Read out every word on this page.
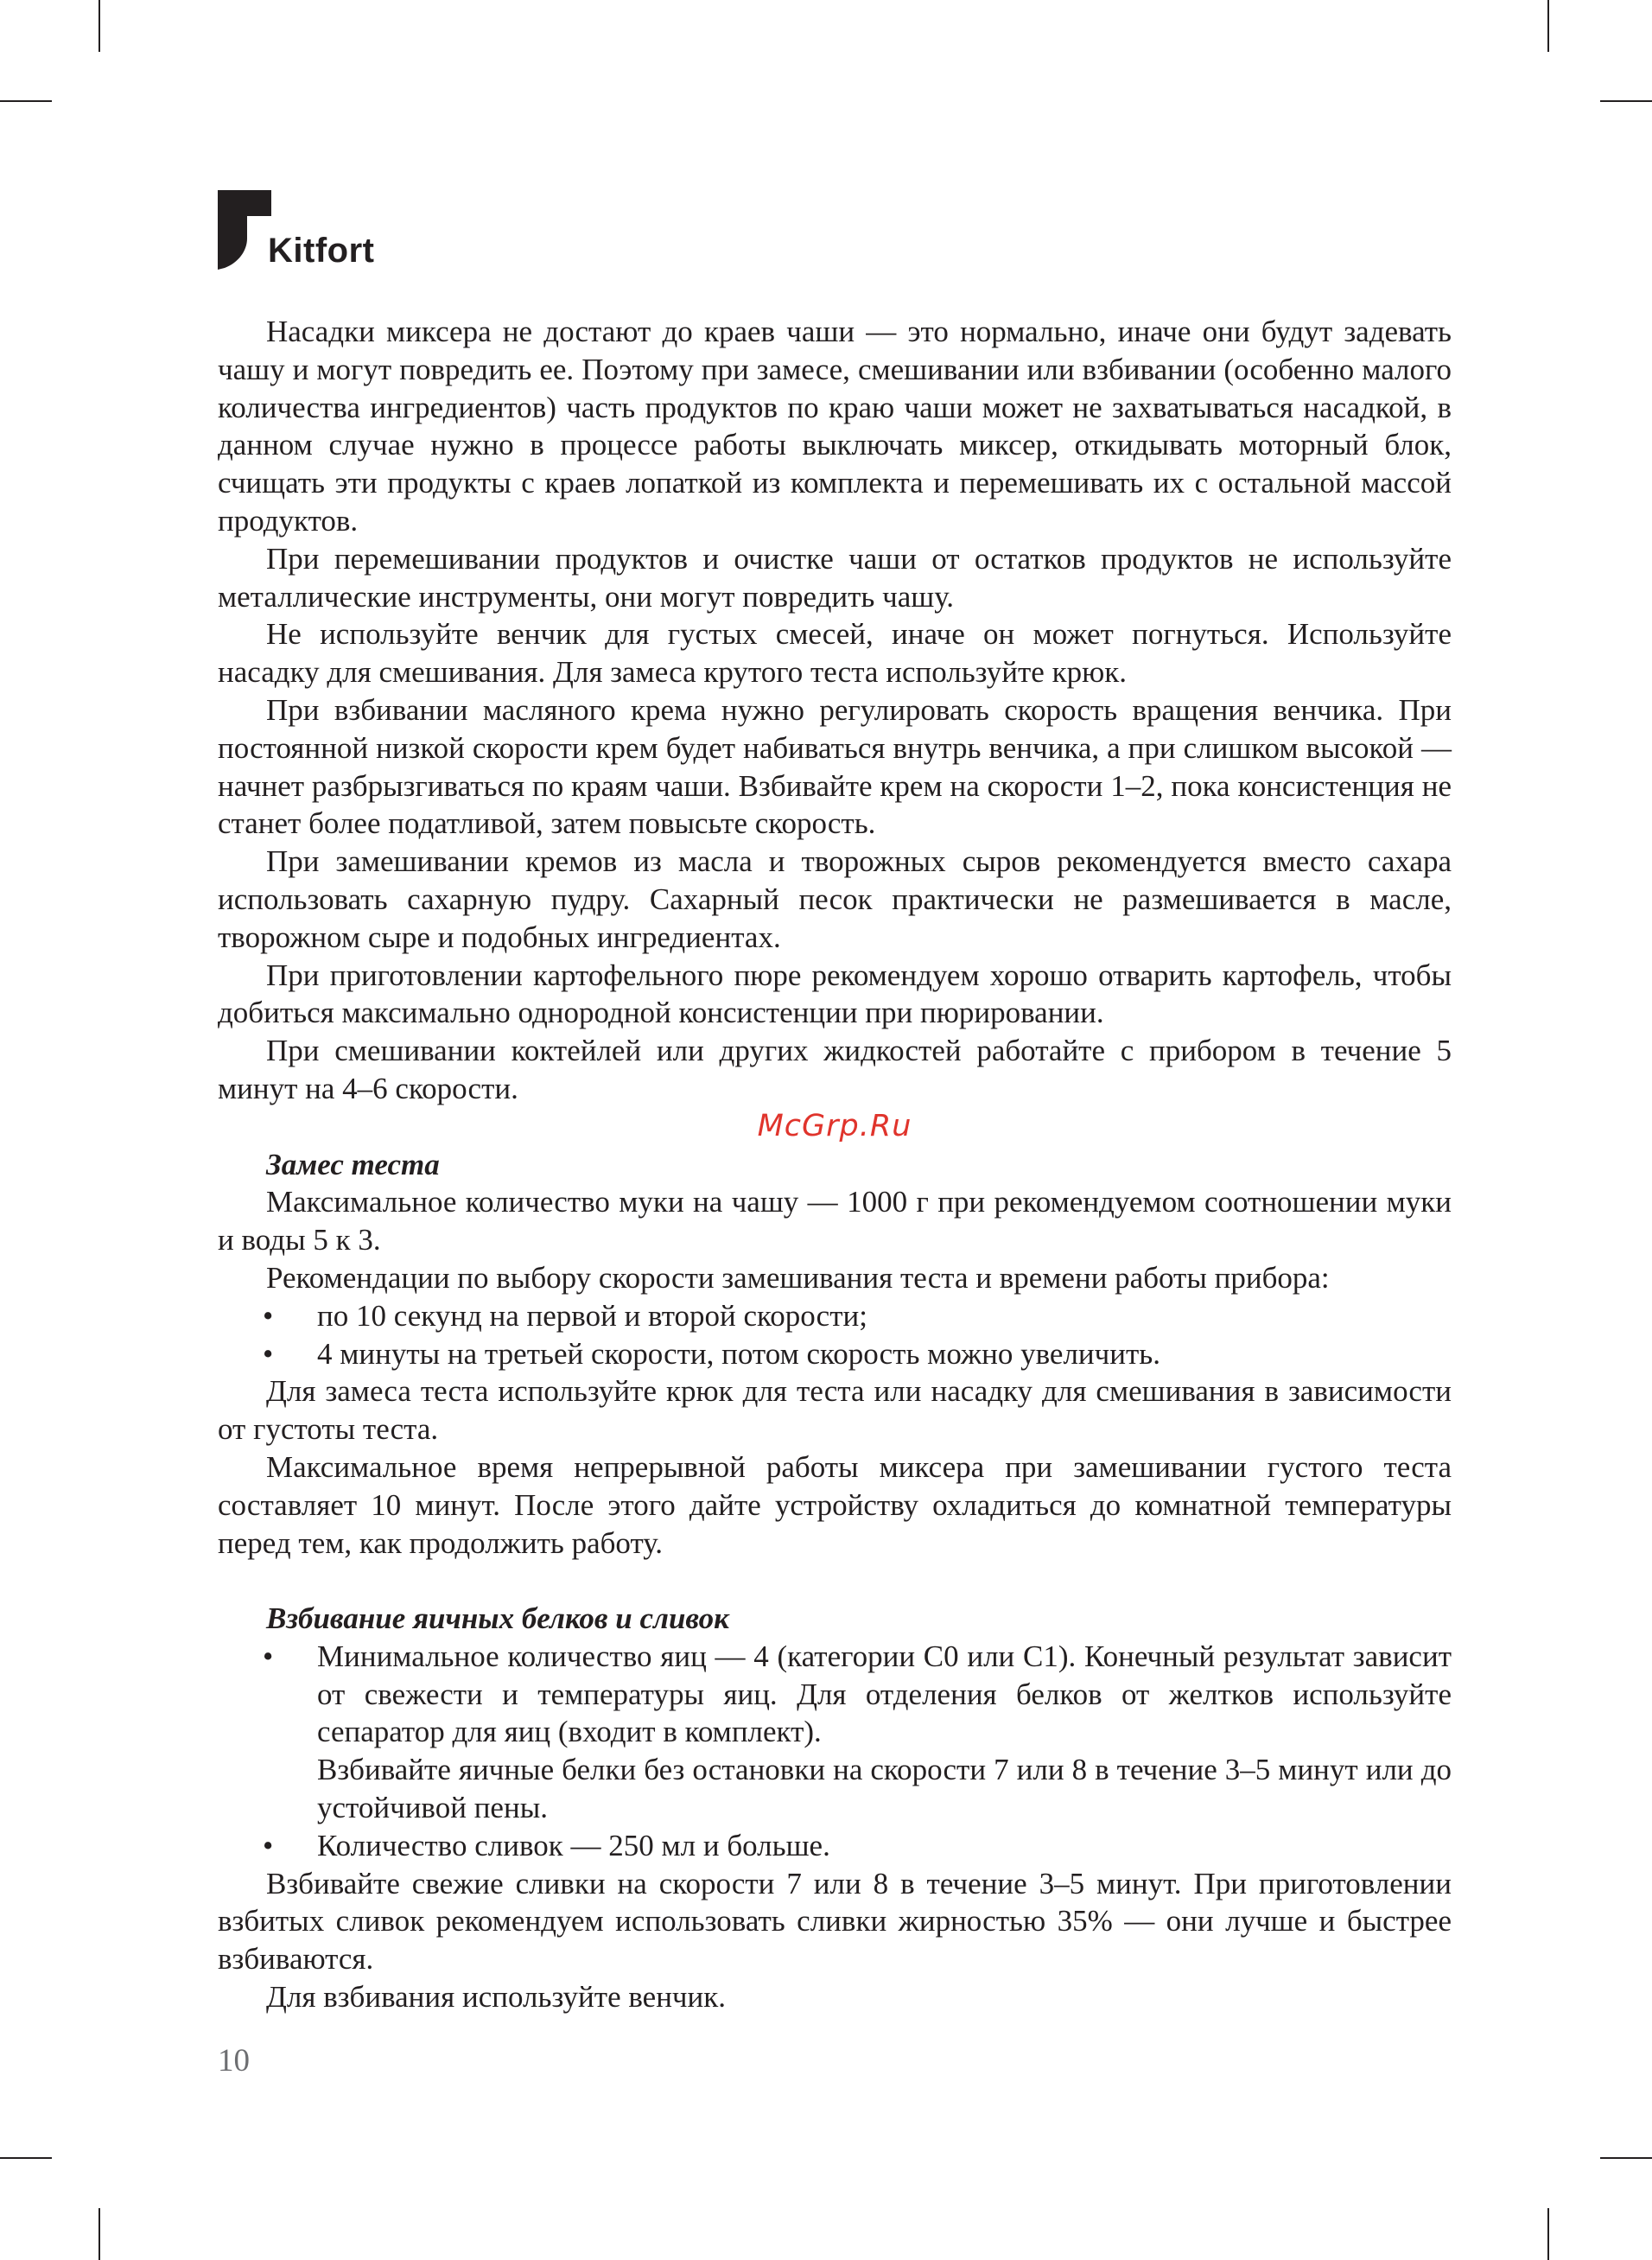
Kitfort

Насадки миксера не достают до краев чаши — это нормально, иначе они будут задевать чашу и могут повредить ее. Поэтому при замесе, смешивании или взбивании (особенно малого количества ингредиентов) часть продуктов по краю чаши может не захватываться насадкой, в данном случае нужно в процессе работы выключать миксер, откидывать моторный блок, счищать эти продукты с краев лопаткой из комплекта и перемешивать их с остальной массой продуктов.

При перемешивании продуктов и очистке чаши от остатков продуктов не используйте металлические инструменты, они могут повредить чашу.

Не используйте венчик для густых смесей, иначе он может погнуться. Используйте насадку для смешивания. Для замеса крутого теста используйте крюк.

При взбивании масляного крема нужно регулировать скорость вращения венчика. При постоянной низкой скорости крем будет набиваться внутрь венчика, а при слишком высокой — начнет разбрызгиваться по краям чаши. Взбивайте крем на скорости 1–2, пока консистенция не станет более податливой, затем повысьте скорость.

При замешивании кремов из масла и творожных сыров рекомендуется вместо сахара использовать сахарную пудру. Сахарный песок практически не размешивается в масле, творожном сыре и подобных ингредиентах.

При приготовлении картофельного пюре рекомендуем хорошо отварить картофель, чтобы добиться максимально однородной консистенции при пюрировании.

При смешивании коктейлей или других жидкостей работайте с прибором в течение 5 минут на 4–6 скорости.

McGrp.Ru

Замес теста

Максимальное количество муки на чашу — 1000 г при рекомендуемом соотношении муки и воды 5 к 3.

Рекомендации по выбору скорости замешивания теста и времени работы прибора:

• по 10 секунд на первой и второй скорости;
• 4 минуты на третьей скорости, потом скорость можно увеличить.

Для замеса теста используйте крюк для теста или насадку для смешивания в зависимости от густоты теста.

Максимальное время непрерывной работы миксера при замешивании густого теста составляет 10 минут. После этого дайте устройству охладиться до комнатной температуры перед тем, как продолжить работу.

Взбивание яичных белков и сливок

• Минимальное количество яиц — 4 (категории C0 или C1). Конечный результат зависит от свежести и температуры яиц. Для отделения белков от желтков используйте сепаратор для яиц (входит в комплект).

Взбивайте яичные белки без остановки на скорости 7 или 8 в течение 3–5 минут или до устойчивой пены.

• Количество сливок — 250 мл и больше.

Взбивайте свежие сливки на скорости 7 или 8 в течение 3–5 минут. При приготовлении взбитых сливок рекомендуем использовать сливки жирностью 35% — они лучше и быстрее взбиваются.

Для взбивания используйте венчик.

10
